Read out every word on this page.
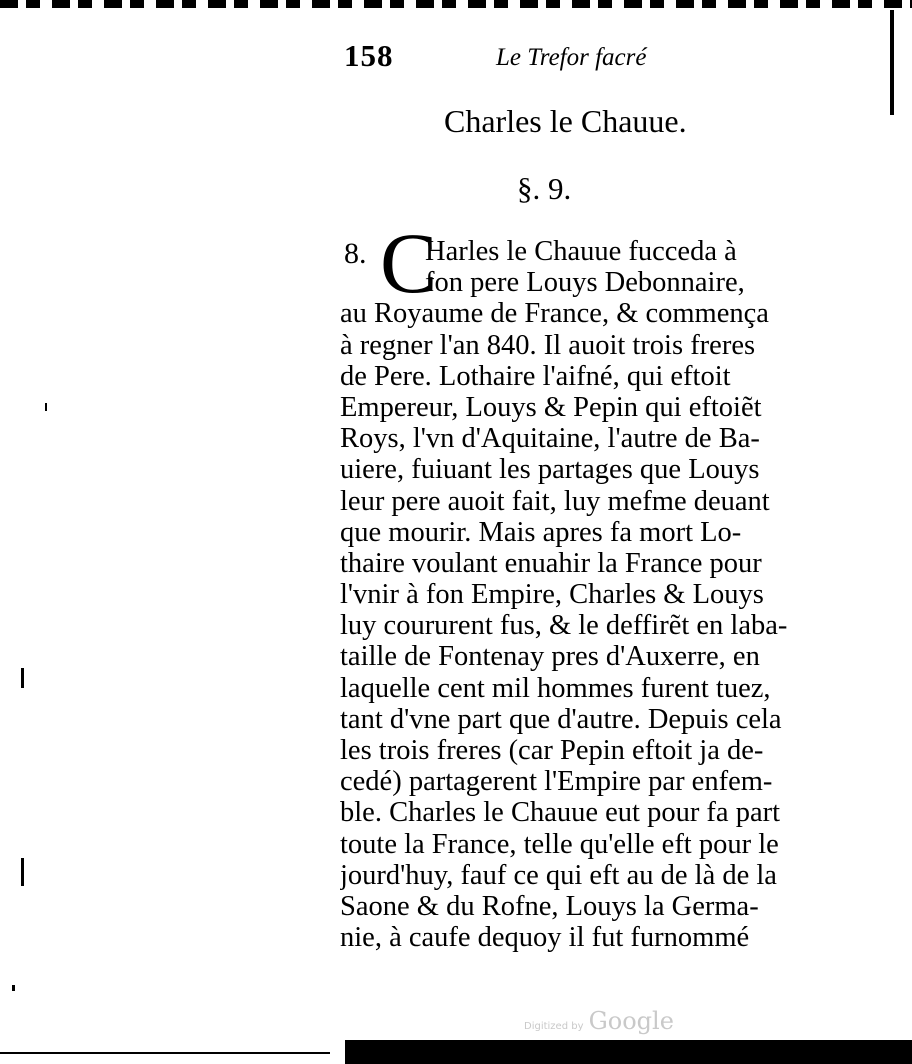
158	Le Trefor facré
Charles le Chauue.
§. 9.
8. C
Harles le Chauue fucceda à
fon pere Louys Debonnaire,
au Royaume de France, & commença
à regner l'an 840. Il auoit trois freres
de Pere. Lothaire l'aifné, qui eftoit
Empereur, Louys & Pepin qui eftoiẽt
Roys, l'vn d'Aquitaine, l'autre de Ba-
uiere, fuiuant les partages que Louys
leur pere auoit fait, luy mefme deuant
que mourir. Mais apres fa mort Lo-
thaire voulant enuahir la France pour
l'vnir à fon Empire, Charles & Louys
luy coururent fus, & le deffirẽt en laba-
taille de Fontenay pres d'Auxerre, en
laquelle cent mil hommes furent tuez,
tant d'vne part que d'autre. Depuis cela
les trois freres (car Pepin eftoit ja de-
cedé) partagerent l'Empire par enfem-
ble. Charles le Chauue eut pour fa part
toute la France, telle qu'elle eft pour le
jourd'huy, fauf ce qui eft au de là de la
Saone & du Rofne, Louys la Germa-
nie, à caufe dequoy il fut furnommé
Digitized by Google
